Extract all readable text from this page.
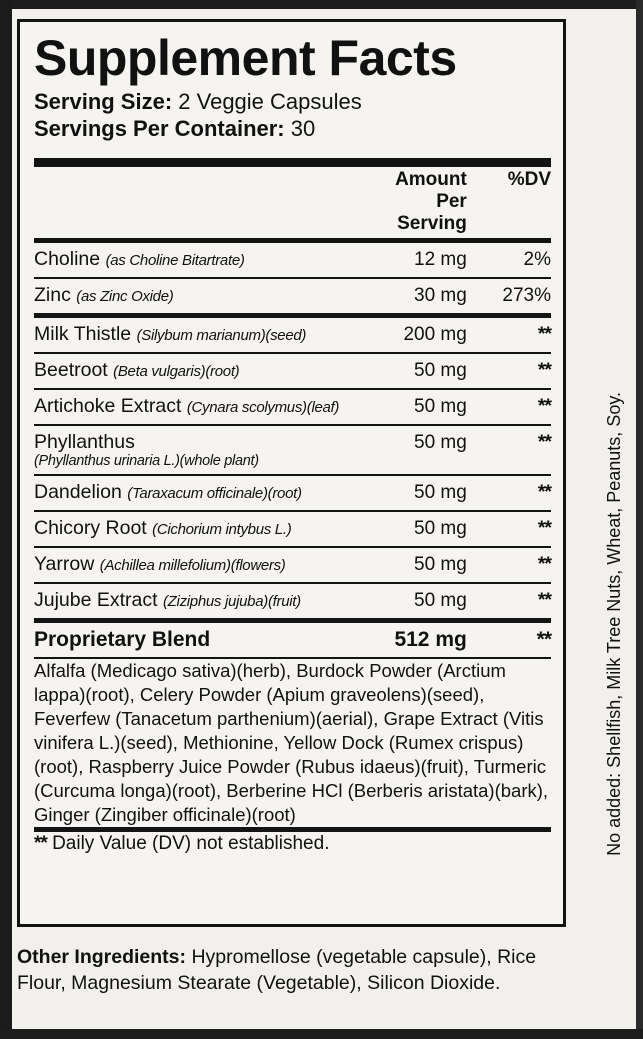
Supplement Facts
Serving Size: 2 Veggie Capsules
Servings Per Container: 30
	Amount Per Serving	%DV

Choline (as Choline Bitartrate)	12 mg	2%

Zinc (as Zinc Oxide)	30 mg	273%

Milk Thistle (Silybum marianum)(seed)	200 mg	**

Beetroot (Beta vulgaris)(root)	50 mg	**

Artichoke Extract (Cynara scolymus)(leaf)	50 mg	**

Phyllanthus
(Phyllanthus urinaria L.)(whole plant)	50 mg	**

Dandelion (Taraxacum officinale)(root)	50 mg	**

Chicory Root (Cichorium intybus L.)	50 mg	**

Yarrow (Achillea millefolium)(flowers)	50 mg	**

Jujube Extract (Ziziphus jujuba)(fruit)	50 mg	**

Proprietary Blend	512 mg	**

Alfalfa (Medicago sativa)(herb), Burdock Powder (Arctium lappa)(root), Celery Powder (Apium graveolens)(seed), Feverfew (Tanacetum parthenium)(aerial), Grape Extract (Vitis vinifera L.)(seed), Methionine, Yellow Dock (Rumex crispus)(root), Raspberry Juice Powder (Rubus idaeus)(fruit), Turmeric (Curcuma longa)(root), Berberine HCl (Berberis aristata)(bark), Ginger (Zingiber officinale)(root)		

** Daily Value (DV) not established.		
Other Ingredients: Hypromellose (vegetable capsule), Rice Flour, Magnesium Stearate (Vegetable), Silicon Dioxide.
No added: Shellfish, Milk Tree Nuts, Wheat, Peanuts, Soy.
